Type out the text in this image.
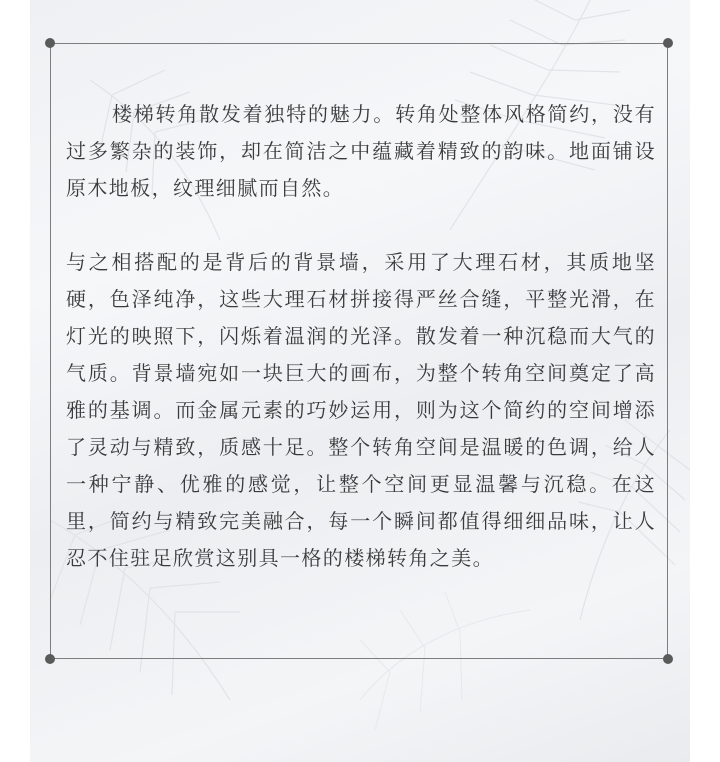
楼梯转角散发着独特的魅力。转角处整体风格简约，没有过多繁杂的装饰，却在简洁之中蕴藏着精致的韵味。地面铺设原木地板，纹理细腻而自然。

与之相搭配的是背后的背景墙，采用了大理石材，其质地坚硬，色泽纯净，这些大理石材拼接得严丝合缝，平整光滑，在灯光的映照下，闪烁着温润的光泽。散发着一种沉稳而大气的气质。背景墙宛如一块巨大的画布，为整个转角空间奠定了高雅的基调。而金属元素的巧妙运用，则为这个简约的空间增添了灵动与精致，质感十足。整个转角空间是温暖的色调，给人一种宁静、优雅的感觉，让整个空间更显温馨与沉稳。在这里，简约与精致完美融合，每一个瞬间都值得细细品味，让人忍不住驻足欣赏这别具一格的楼梯转角之美。
